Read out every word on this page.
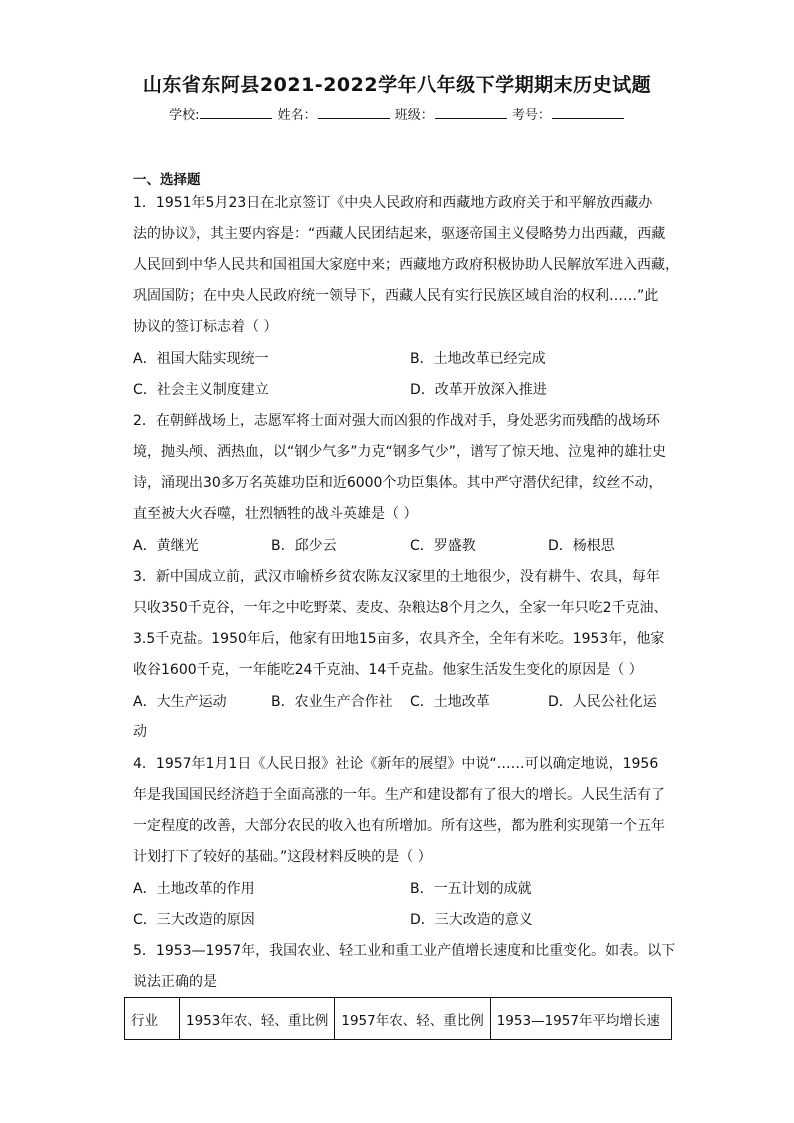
山东省东阿县2021-2022学年八年级下学期期末历史试题
学校:	姓名：	班级：	考号：
一、选择题
1．1951年5月23日在北京签订《中央人民政府和西藏地方政府关于和平解放西藏办
法的协议》，其主要内容是：“西藏人民团结起来，驱逐帝国主义侵略势力出西藏，西藏
人民回到中华人民共和国祖国大家庭中来；西藏地方政府积极协助人民解放军进入西藏，
巩固国防；在中央人民政府统一领导下，西藏人民有实行民族区域自治的权利……”此
协议的签订标志着（ ）
A．祖国大陆实现统一	B．土地改革已经完成
C．社会主义制度建立	D．改革开放深入推进
2．在朝鲜战场上，志愿军将士面对强大而凶狠的作战对手，身处恶劣而残酷的战场环
境，抛头颅、洒热血，以“钢少气多”力克“钢多气少”，谱写了惊天地、泣鬼神的雄壮史
诗，涌现出30多万名英雄功臣和近6000个功臣集体。其中严守潜伏纪律，纹丝不动，
直至被大火吞噬，壮烈牺牲的战斗英雄是（ ）
A．黄继光	B．邱少云	C．罗盛教	D．杨根思
3．新中国成立前，武汉市喻桥乡贫农陈友汉家里的土地很少，没有耕牛、农具，每年
只收350千克谷，一年之中吃野菜、麦皮、杂粮达8个月之久，全家一年只吃2千克油、
3.5千克盐。1950年后，他家有田地15亩多，农具齐全，全年有米吃。1953年，他家
收谷1600千克，一年能吃24千克油、14千克盐。他家生活发生变化的原因是（ ）
A．大生产运动	B．农业生产合作社 C．土地改革	D．人民公社化运
动
4．1957年1月1日《人民日报》社论《新年的展望》中说“……可以确定地说，1956
年是我国国民经济趋于全面高涨的一年。生产和建设都有了很大的增长。人民生活有了
一定程度的改善，大部分农民的收入也有所增加。所有这些，都为胜利实现第一个五年
计划打下了较好的基础。”这段材料反映的是（ ）
A．土地改革的作用	B．一五计划的成就
C．三大改造的原因	D．三大改造的意义
5．1953—1957年，我国农业、轻工业和重工业产值增长速度和比重变化。如表。以下
说法正确的是
行业	1953年农、轻、重比例	1957年农、轻、重比例	1953—1957年平均增长速
